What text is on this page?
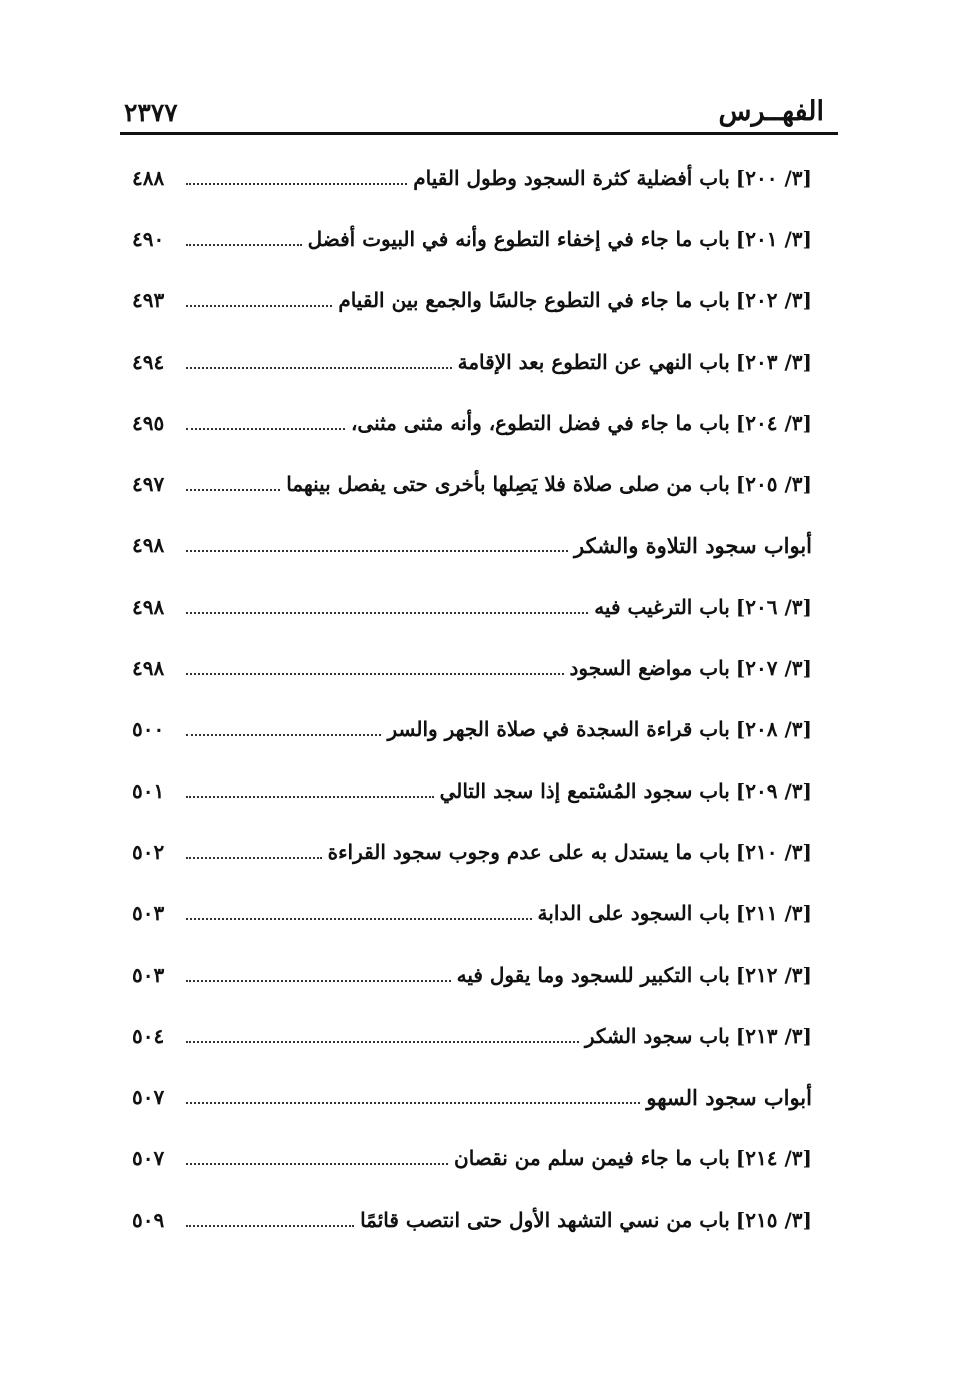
الفهــرس
٢٣٧٧
[٣/ ٢٠٠]
باب أفضلية كثرة السجود وطول القيام
٤٨٨
[٣/ ٢٠١]
باب ما جاء في إخفاء التطوع وأنه في البيوت أفضل
٤٩٠
[٣/ ٢٠٢]
باب ما جاء في التطوع جالسًا والجمع بين القيام
٤٩٣
[٣/ ٢٠٣]
باب النهي عن التطوع بعد الإقامة
٤٩٤
[٣/ ٢٠٤]
باب ما جاء في فضل التطوع، وأنه مثنى مثنى،
٤٩٥
[٣/ ٢٠٥]
باب من صلى صلاة فلا يَصِلها بأخرى حتى يفصل بينهما
٤٩٧
أبواب سجود التلاوة والشكر
٤٩٨
[٣/ ٢٠٦]
باب الترغيب فيه
٤٩٨
[٣/ ٢٠٧]
باب مواضع السجود
٤٩٨
[٣/ ٢٠٨]
باب قراءة السجدة في صلاة الجهر والسر
٥٠٠
[٣/ ٢٠٩]
باب سجود المُسْتمع إذا سجد التالي
٥٠١
[٣/ ٢١٠]
باب ما يستدل به على عدم وجوب سجود القراءة
٥٠٢
[٣/ ٢١١]
باب السجود على الدابة
٥٠٣
[٣/ ٢١٢]
باب التكبير للسجود وما يقول فيه
٥٠٣
[٣/ ٢١٣]
باب سجود الشكر
٥٠٤
أبواب سجود السهو
٥٠٧
[٣/ ٢١٤]
باب ما جاء فيمن سلم من نقصان
٥٠٧
[٣/ ٢١٥]
باب من نسي التشهد الأول حتى انتصب قائمًا
٥٠٩
